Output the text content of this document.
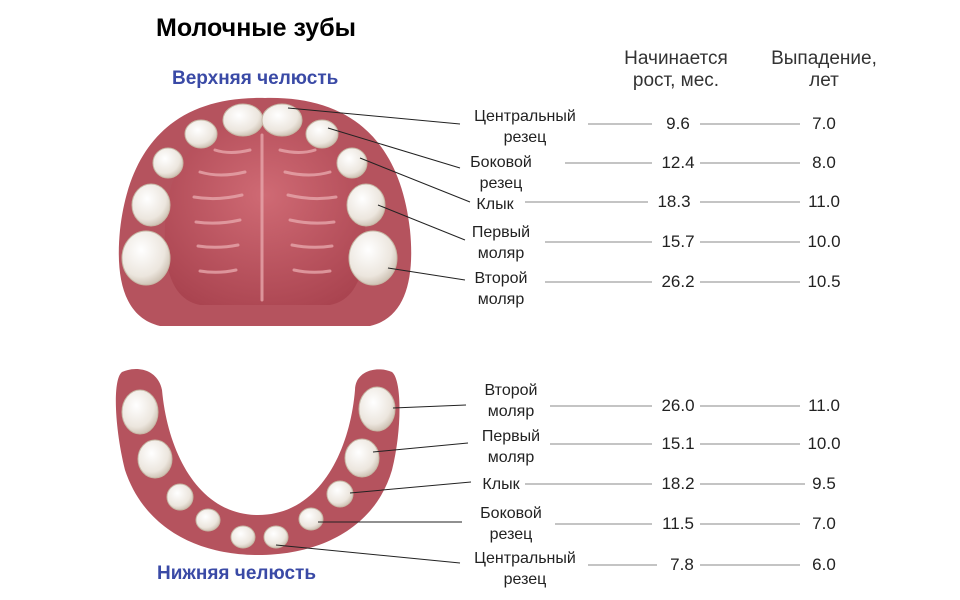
Молочные зубы
Верхняя челюсть
Нижняя челюсть
Начинается
рост, мес.
Выпадение,
лет
Центральный
резец
9.6	7.0
Боковой
резец
12.4	8.0
Клык	18.3	11.0
Первый
моляр
15.7	10.0
Второй
моляр
26.2	10.5
Второй
моляр	26.0	11.0
Первый
моляр
15.1	10.0
Клык	18.2	9.5
Боковой
резец
11.5	7.0
Центральный
резец
7.8	6.0
